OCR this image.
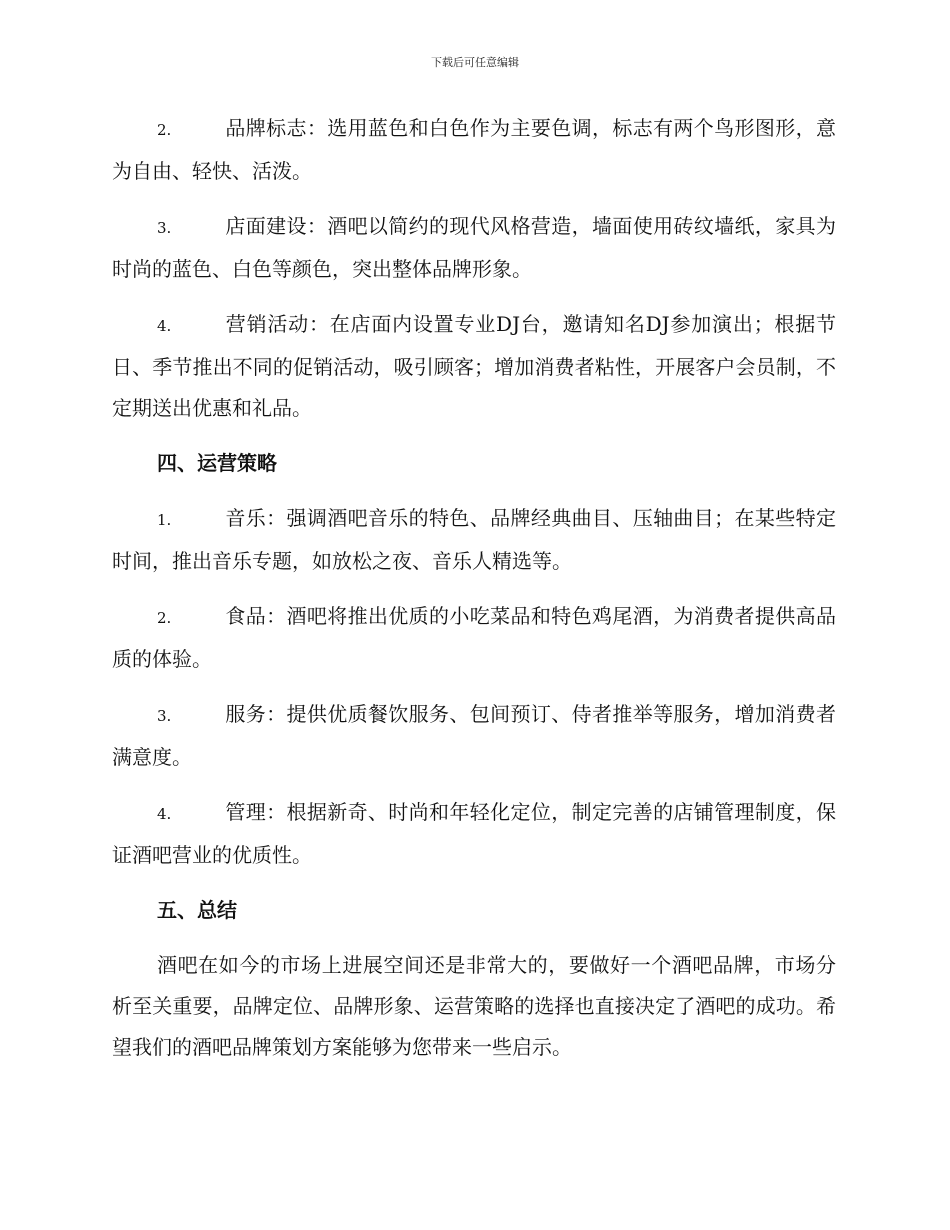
下载后可任意编辑

2.	品牌标志：选用蓝色和白色作为主要色调，标志有两个鸟形图形，意为自由、轻快、活泼。

3.	店面建设：酒吧以简约的现代风格营造，墙面使用砖纹墙纸，家具为时尚的蓝色、白色等颜色，突出整体品牌形象。

4.	营销活动：在店面内设置专业DJ台，邀请知名DJ参加演出；根据节日、季节推出不同的促销活动，吸引顾客；增加消费者粘性，开展客户会员制，不定期送出优惠和礼品。

四、运营策略

1.	音乐：强调酒吧音乐的特色、品牌经典曲目、压轴曲目；在某些特定时间，推出音乐专题，如放松之夜、音乐人精选等。

2.	食品：酒吧将推出优质的小吃菜品和特色鸡尾酒，为消费者提供高品质的体验。

3.	服务：提供优质餐饮服务、包间预订、侍者推举等服务，增加消费者满意度。

4.	管理：根据新奇、时尚和年轻化定位，制定完善的店铺管理制度，保证酒吧营业的优质性。

五、总结

酒吧在如今的市场上进展空间还是非常大的，要做好一个酒吧品牌，市场分析至关重要，品牌定位、品牌形象、运营策略的选择也直接决定了酒吧的成功。希望我们的酒吧品牌策划方案能够为您带来一些启示。
